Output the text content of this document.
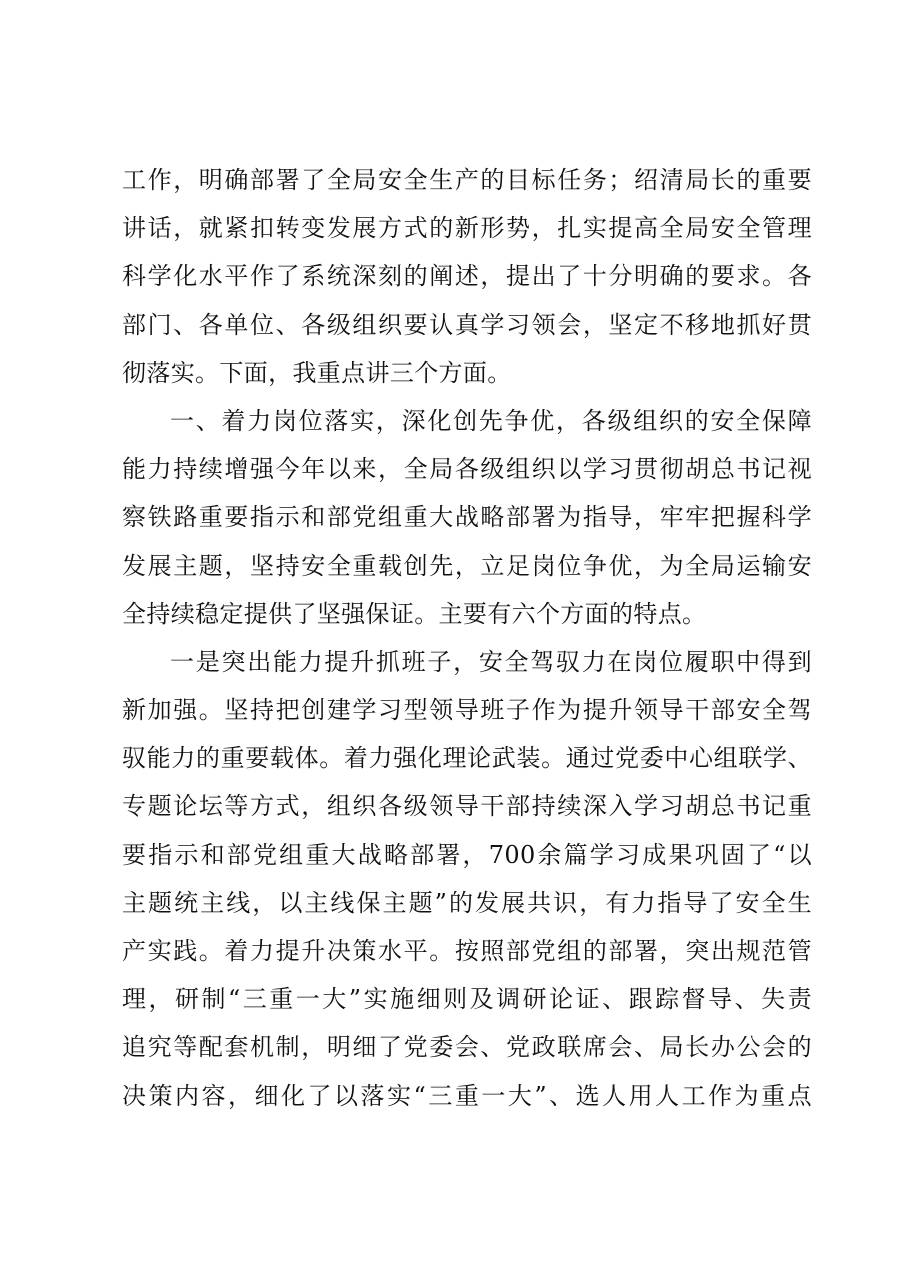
工作，明确部署了全局安全生产的目标任务；绍清局长的重要
讲话，就紧扣转变发展方式的新形势，扎实提高全局安全管理
科学化水平作了系统深刻的阐述，提出了十分明确的要求。各
部门、各单位、各级组织要认真学习领会，坚定不移地抓好贯
彻落实。下面，我重点讲三个方面。
一、着力岗位落实，深化创先争优，各级组织的安全保障
能力持续增强今年以来，全局各级组织以学习贯彻胡总书记视
察铁路重要指示和部党组重大战略部署为指导，牢牢把握科学
发展主题，坚持安全重载创先，立足岗位争优，为全局运输安
全持续稳定提供了坚强保证。主要有六个方面的特点。
一是突出能力提升抓班子，安全驾驭力在岗位履职中得到
新加强。坚持把创建学习型领导班子作为提升领导干部安全驾
驭能力的重要载体。着力强化理论武装。通过党委中心组联学、
专题论坛等方式，组织各级领导干部持续深入学习胡总书记重
要指示和部党组重大战略部署，700余篇学习成果巩固了“以
主题统主线，以主线保主题”的发展共识，有力指导了安全生
产实践。着力提升决策水平。按照部党组的部署，突出规范管
理，研制“三重一大”实施细则及调研论证、跟踪督导、失责
追究等配套机制，明细了党委会、党政联席会、局长办公会的
决策内容，细化了以落实“三重一大”、选人用人工作为重点
